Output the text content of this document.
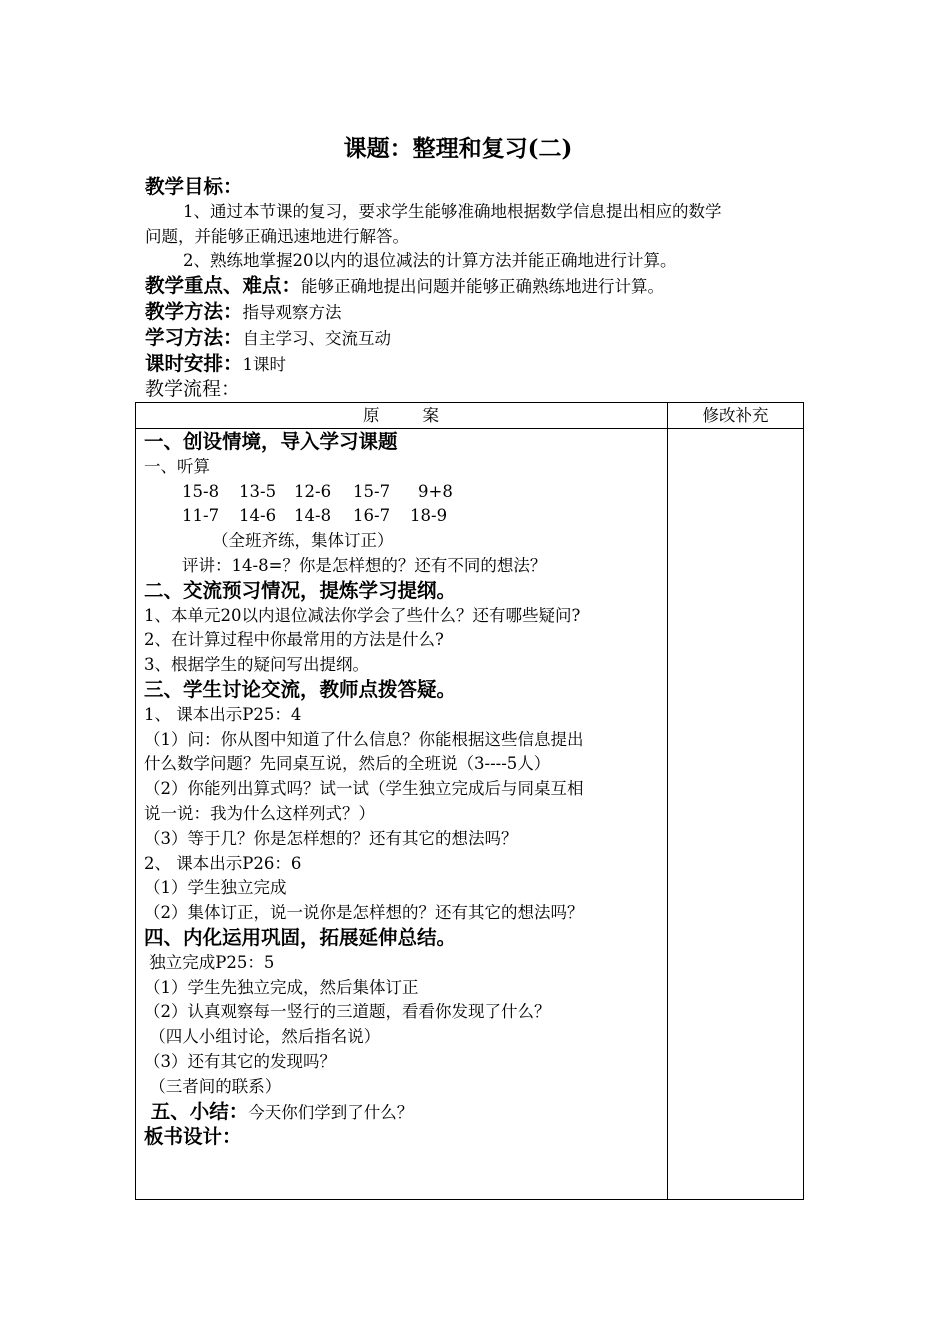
课题：整理和复习(二)
教学目标：
1、通过本节课的复习，要求学生能够准确地根据数学信息提出相应的数学
问题，并能够正确迅速地进行解答。
2、熟练地掌握20以内的退位减法的计算方法并能正确地进行计算。
教学重点、难点：能够正确地提出问题并能够正确熟练地进行计算。
教学方法：指导观察方法
学习方法：自主学习、交流互动
课时安排：1课时
教学流程：
原	案	修改补充
一、创设情境，导入学习课题
一、听算
15-8 13-5 12-6 15-7 9+8
11-7 14-6 14-8 16-7 18-9
（全班齐练，集体订正）
评讲：14-8=？你是怎样想的？还有不同的想法？
二、交流预习情况，提炼学习提纲。
1、本单元20以内退位减法你学会了些什么？还有哪些疑问?
2、在计算过程中你最常用的方法是什么?
3、根据学生的疑问写出提纲。
三、学生讨论交流，教师点拨答疑。
1、 课本出示P25：4
（1）问：你从图中知道了什么信息？你能根据这些信息提出
什么数学问题？先同桌互说，然后的全班说（3----5人）
（2）你能列出算式吗？试一试（学生独立完成后与同桌互相
说一说：我为什么这样列式？）
（3）等于几？你是怎样想的？还有其它的想法吗？
2、 课本出示P26：6
（1）学生独立完成
（2）集体订正，说一说你是怎样想的？还有其它的想法吗？
四、内化运用巩固，拓展延伸总结。
独立完成P25：5
（1）学生先独立完成，然后集体订正
（2）认真观察每一竖行的三道题，看看你发现了什么？
（四人小组讨论，然后指名说）
（3）还有其它的发现吗？
（三者间的联系）
五、小结：今天你们学到了什么？
板书设计：
